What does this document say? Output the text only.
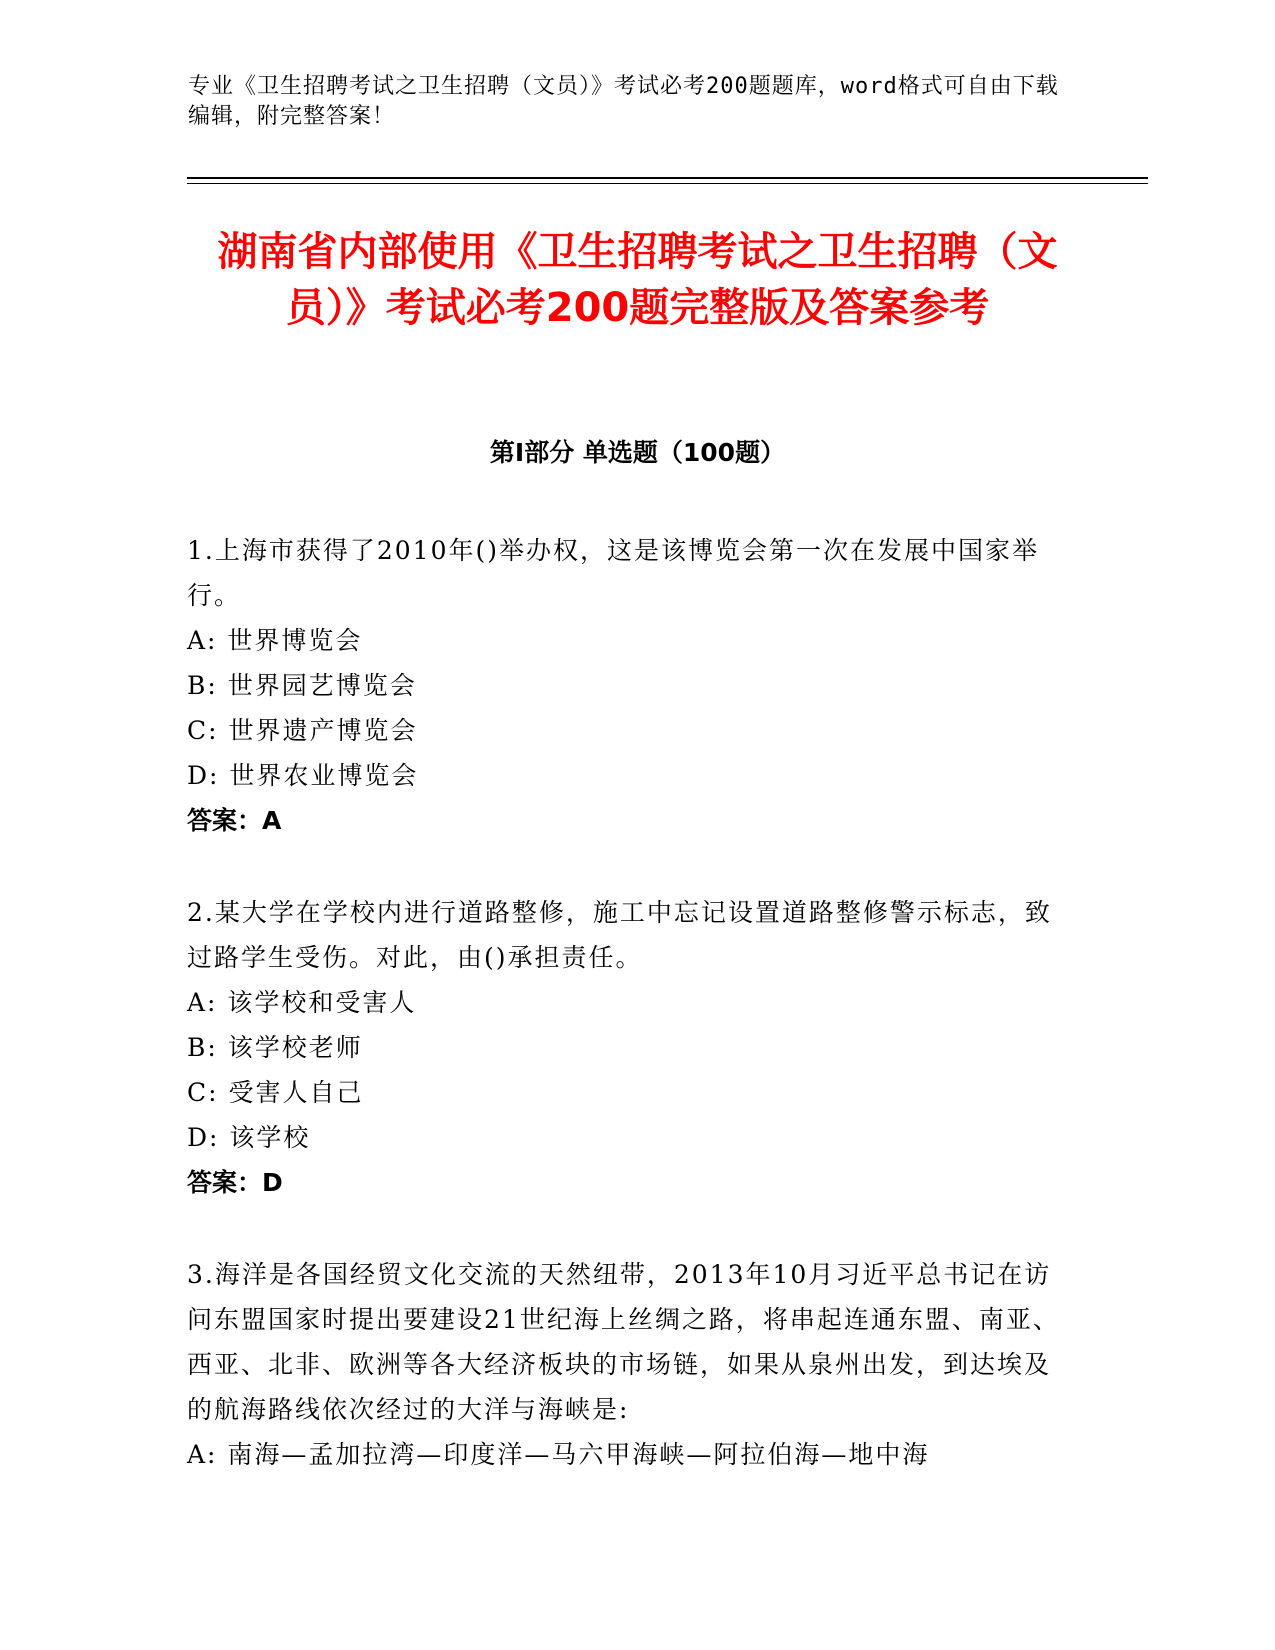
专业《卫生招聘考试之卫生招聘（文员）》考试必考200题题库，word格式可自由下载编辑，附完整答案！
湖南省内部使用《卫生招聘考试之卫生招聘（文员）》考试必考200题完整版及答案参考
第Ⅰ部分 单选题（100题）
1.上海市获得了2010年()举办权，这是该博览会第一次在发展中国家举行。
A: 世界博览会
B: 世界园艺博览会
C: 世界遗产博览会
D: 世界农业博览会
答案：A
2.某大学在学校内进行道路整修，施工中忘记设置道路整修警示标志，致过路学生受伤。对此，由()承担责任。
A: 该学校和受害人
B: 该学校老师
C: 受害人自己
D: 该学校
答案：D
3.海洋是各国经贸文化交流的天然纽带，2013年10月习近平总书记在访问东盟国家时提出要建设21世纪海上丝绸之路，将串起连通东盟、南亚、西亚、北非、欧洲等各大经济板块的市场链，如果从泉州出发，到达埃及的航海路线依次经过的大洋与海峡是:
A: 南海—孟加拉湾—印度洋—马六甲海峡—阿拉伯海—地中海
